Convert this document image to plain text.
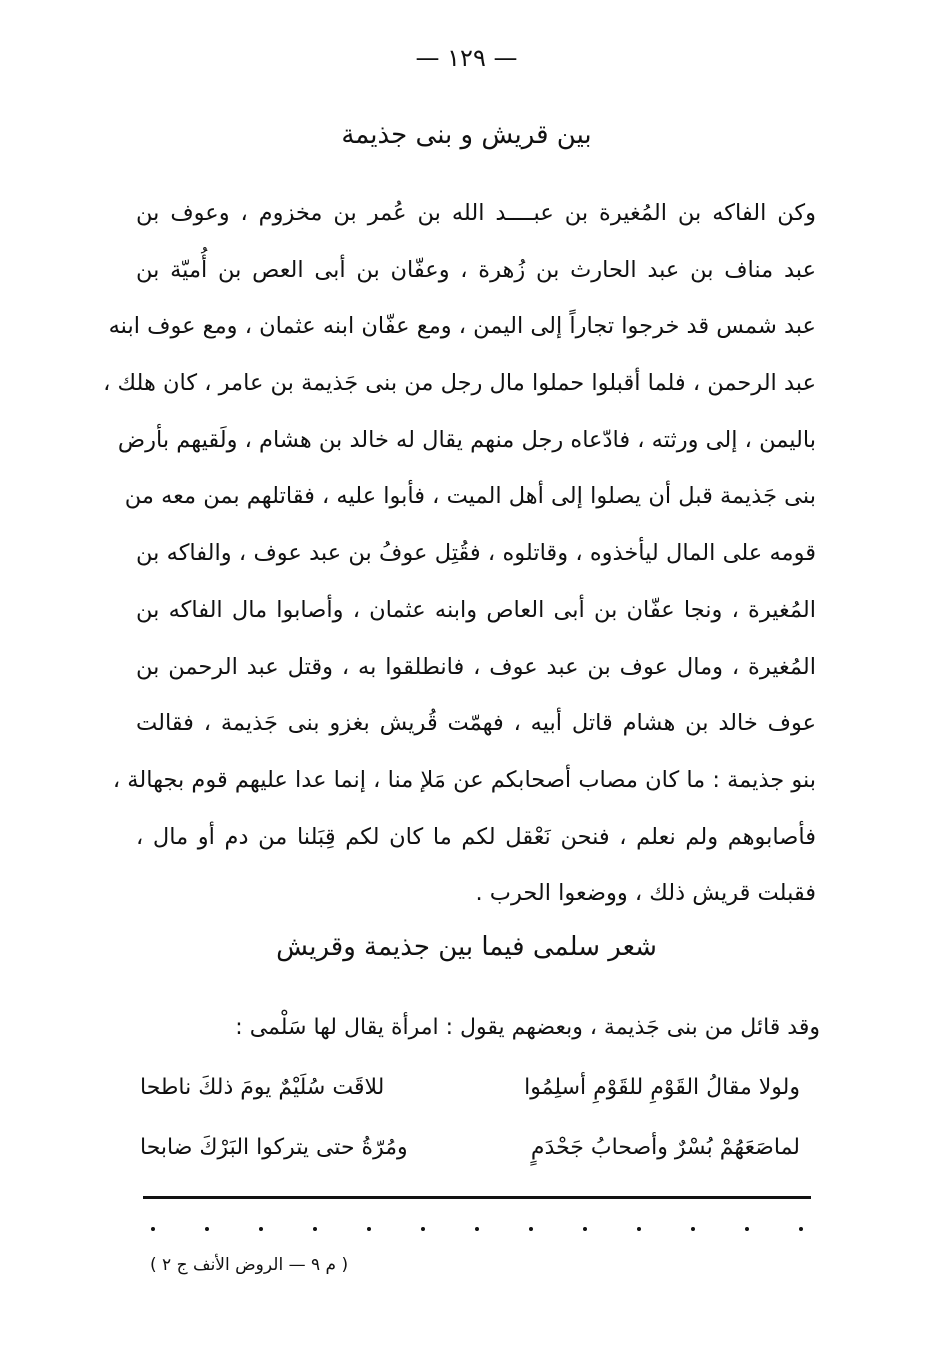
— ١٢٩ —
بين قريش و بنى جذيمة
وكن الفاكه بن المُغيرة بن عبــــد الله بن عُمر بن مخزوم ، وعوف بن
عبد مناف بن عبد الحارث بن زُهرة ، وعفّان بن أبى العص بن أُميّة بن
عبد شمس قد خرجوا تجاراً إلى اليمن ، ومع عفّان ابنه عثمان ، ومع عوف ابنه
عبد الرحمن ، فلما أقبلوا حملوا مال رجل من بنى جَذيمة بن عامر ، كان هلك ،
باليمن ، إلى ورثته ، فادّعاه رجل منهم يقال له خالد بن هشام ، ولَقيهم بأرض
بنى جَذيمة قبل أن يصلوا إلى أهل الميت ، فأبوا عليه ، فقاتلهم بمن معه من
قومه على المال ليأخذوه ، وقاتلوه ، فقُتِل عوفُ بن عبد عوف ، والفاكه بن
المُغيرة ، ونجا عفّان بن أبى العاص وابنه عثمان ، وأصابوا مال الفاكه بن
المُغيرة ، ومال عوف بن عبد عوف ، فانطلقوا به ، وقتل عبد الرحمن بن
عوف خالد بن هشام قاتل أبيه ، فهمّت قُريش بغزو بنى جَذيمة ، فقالت
بنو جذيمة : ما كان مصاب أصحابكم عن مَلإ منا ، إنما عدا عليهم قوم بجهالة ،
فأصابوهم ولم نعلم ، فنحن نَعْقل لكم ما كان لكم قِبَلنا من دم أو مال ،
فقبلت قريش ذلك ، ووضعوا الحرب .
شعر سلمى فيما بين جذيمة وقريش
وقد قائل من بنى جَذيمة ، وبعضهم يقول : امرأة يقال لها سَلْمى :
ولولا مقالُ القَوْمِ للقَوْمِ أسلِمُوا
للاقَت سُلَيْمٌ يومَ ذلكَ ناطحا
لماصَعَهُمْ بُسْرٌ وأصحابُ جَحْدَمٍ
ومُرّةُ حتى يتركوا البَرْكَ ضابحا
( م ٩ — الروض الأنف ج ٢ )
